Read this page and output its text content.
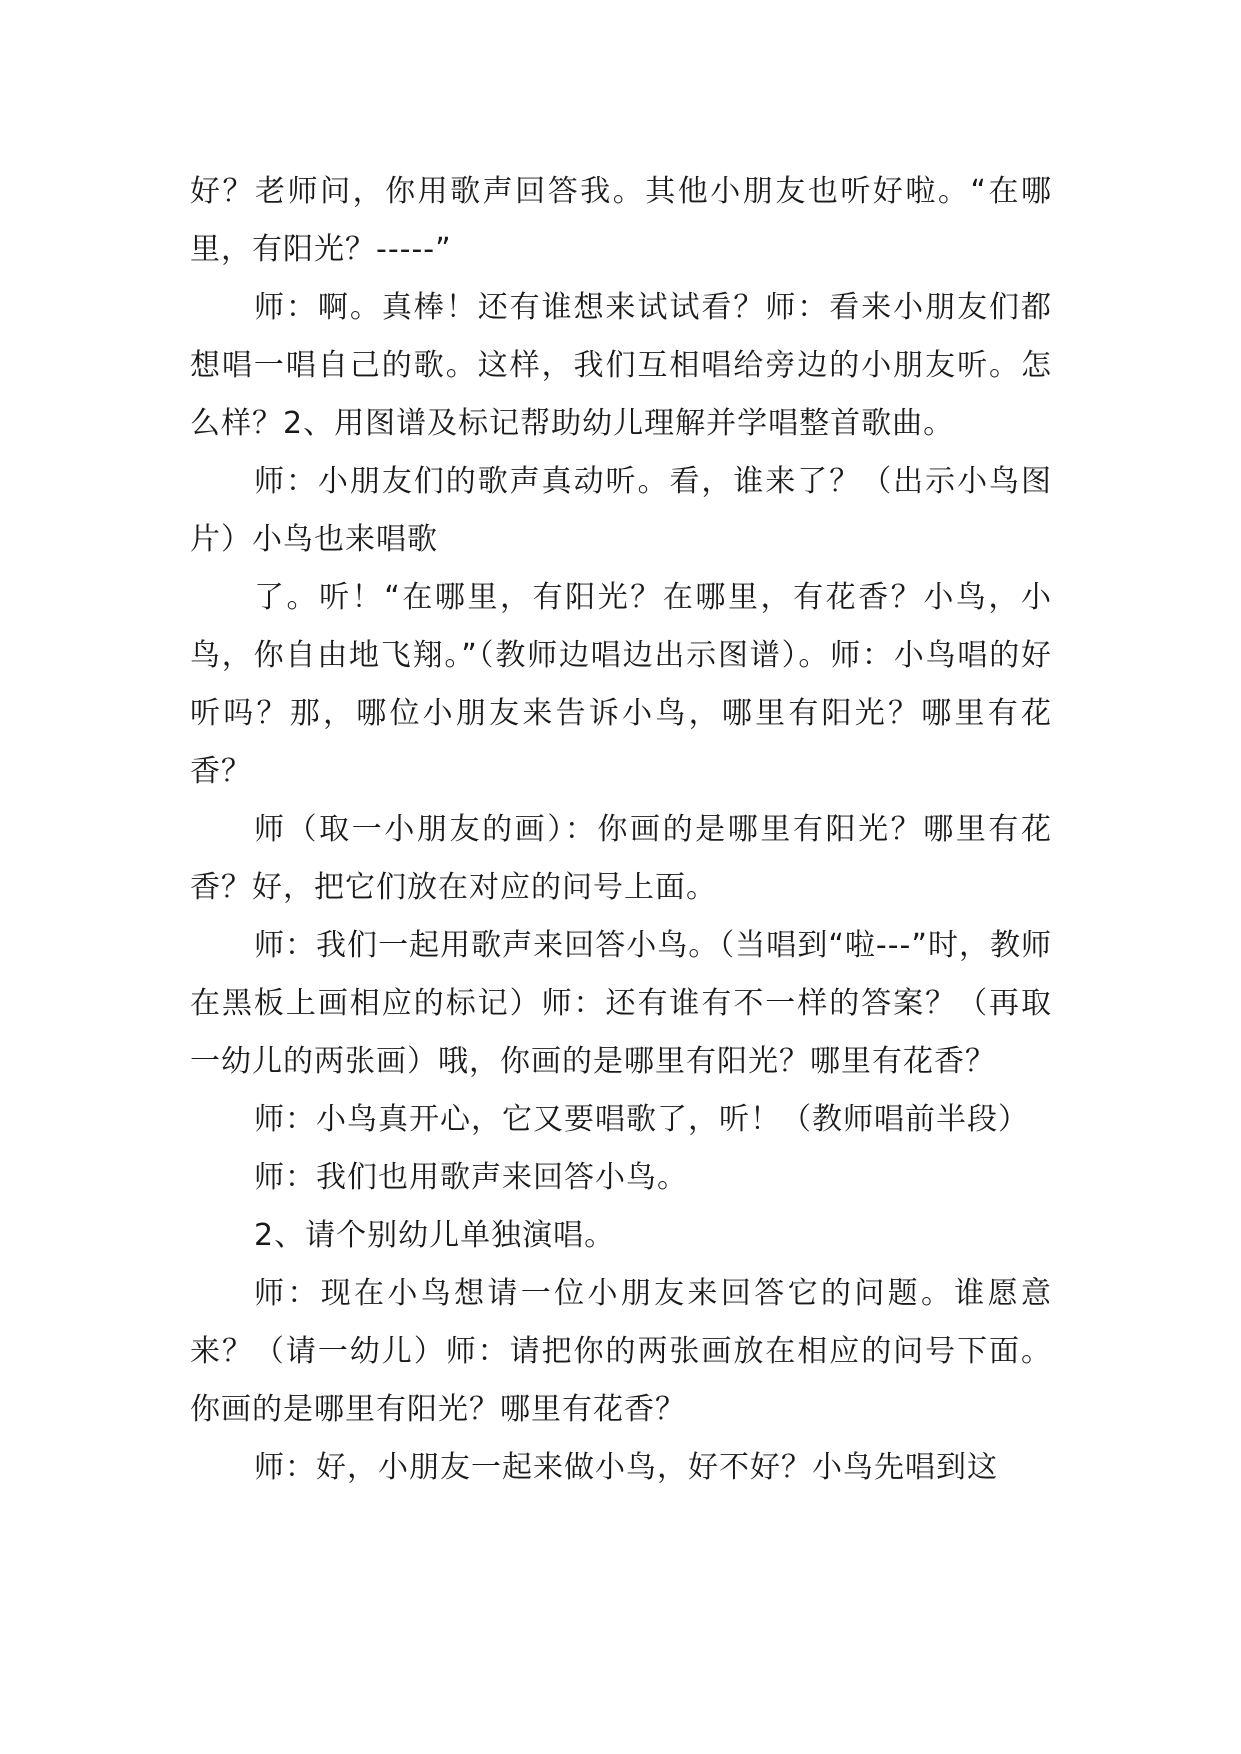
好？老师问，你用歌声回答我。其他小朋友也听好啦。“在哪里，有阳光？-----”

师：啊。真棒！还有谁想来试试看？师：看来小朋友们都想唱一唱自己的歌。这样，我们互相唱给旁边的小朋友听。怎么样？2、用图谱及标记帮助幼儿理解并学唱整首歌曲。

师：小朋友们的歌声真动听。看，谁来了？（出示小鸟图片）小鸟也来唱歌

了。听！“在哪里，有阳光？在哪里，有花香？小鸟，小鸟，你自由地飞翔。”（教师边唱边出示图谱）。师：小鸟唱的好听吗？那，哪位小朋友来告诉小鸟，哪里有阳光？哪里有花香？

师（取一小朋友的画）：你画的是哪里有阳光？哪里有花香？好，把它们放在对应的问号上面。

师：我们一起用歌声来回答小鸟。（当唱到“啦---”时，教师在黑板上画相应的标记）师：还有谁有不一样的答案？（再取一幼儿的两张画）哦，你画的是哪里有阳光？哪里有花香？

师：小鸟真开心，它又要唱歌了，听！（教师唱前半段）

师：我们也用歌声来回答小鸟。

2、请个别幼儿单独演唱。

师：现在小鸟想请一位小朋友来回答它的问题。谁愿意来？（请一幼儿）师：请把你的两张画放在相应的问号下面。你画的是哪里有阳光？哪里有花香？

师：好，小朋友一起来做小鸟，好不好？小鸟先唱到这
